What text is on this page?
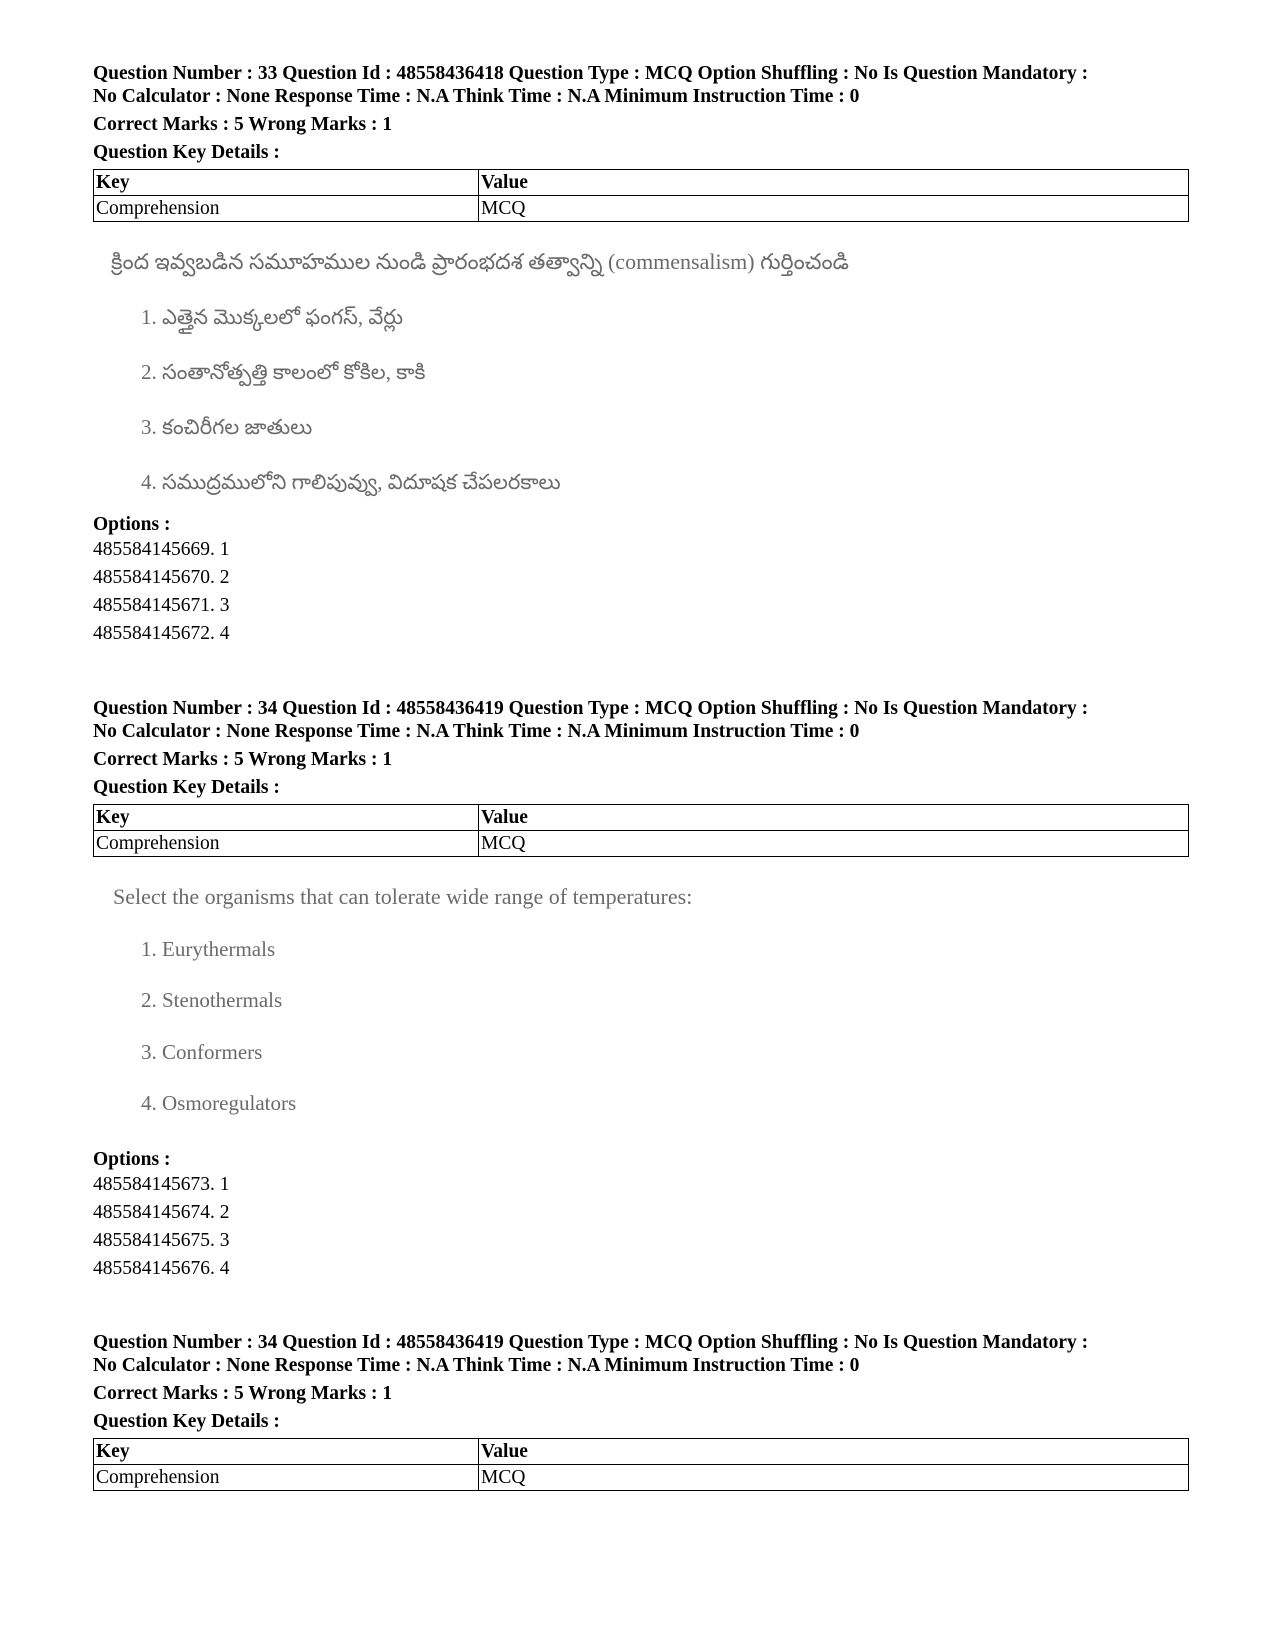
Question Number : 33 Question Id : 48558436418 Question Type : MCQ Option Shuffling : No Is Question Mandatory :
No Calculator : None Response Time : N.A Think Time : N.A Minimum Instruction Time : 0
Correct Marks : 5 Wrong Marks : 1
Question Key Details :
Key	Value
Comprehension	MCQ
క్రింద ఇవ్వబడిన సమూహముల నుండి ప్రారంభదశ తత్వాన్ని (commensalism) గుర్తించండి
1. ఎత్తైన మొక్కలలో ఫంగస్, వేర్లు
2. సంతానోత్పత్తి కాలంలో కోకిల, కాకి
3. కంచిరీగల జాతులు
4. సముద్రములోని గాలిపువ్వు, విదూషక చేపలరకాలు
Options :
485584145669. 1
485584145670. 2
485584145671. 3
485584145672. 4
Question Number : 34 Question Id : 48558436419 Question Type : MCQ Option Shuffling : No Is Question Mandatory :
No Calculator : None Response Time : N.A Think Time : N.A Minimum Instruction Time : 0
Correct Marks : 5 Wrong Marks : 1
Question Key Details :
Key	Value
Comprehension	MCQ
Select the organisms that can tolerate wide range of temperatures:
1. Eurythermals
2. Stenothermals
3. Conformers
4. Osmoregulators
Options :
485584145673. 1
485584145674. 2
485584145675. 3
485584145676. 4
Question Number : 34 Question Id : 48558436419 Question Type : MCQ Option Shuffling : No Is Question Mandatory :
No Calculator : None Response Time : N.A Think Time : N.A Minimum Instruction Time : 0
Correct Marks : 5 Wrong Marks : 1
Question Key Details :
Key	Value
Comprehension	MCQ
